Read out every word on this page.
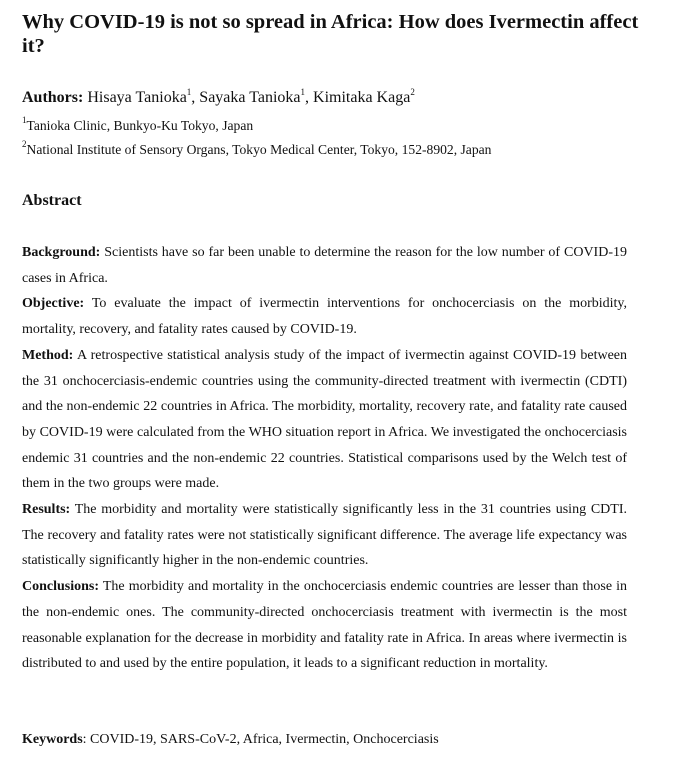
Why COVID-19 is not so spread in Africa: How does Ivermectin affect it?
Authors: Hisaya Tanioka$^1$, Sayaka Tanioka$^1$, Kimitaka Kaga$^2$
$^1$Tanioka Clinic, Bunkyo-Ku Tokyo, Japan
$^2$National Institute of Sensory Organs, Tokyo Medical Center, Tokyo, 152-8902, Japan
Abstract

Background: Scientists have so far been unable to determine the reason for the low number of COVID-19 cases in Africa.

Objective: To evaluate the impact of ivermectin interventions for onchocerciasis on the morbidity, mortality, recovery, and fatality rates caused by COVID-19.

Method: A retrospective statistical analysis study of the impact of ivermectin against COVID-19 between the 31 onchocerciasis-endemic countries using the community-directed treatment with ivermectin (CDTI) and the non-endemic 22 countries in Africa. The morbidity, mortality, recovery rate, and fatality rate caused by COVID-19 were calculated from the WHO situation report in Africa. We investigated the onchocerciasis endemic 31 countries and the non-endemic 22 countries. Statistical comparisons used by the Welch test of them in the two groups were made.

Results: The morbidity and mortality were statistically significantly less in the 31 countries using CDTI. The recovery and fatality rates were not statistically significant difference. The average life expectancy was statistically significantly higher in the non-endemic countries.

Conclusions: The morbidity and mortality in the onchocerciasis endemic countries are lesser than those in the non-endemic ones. The community-directed onchocerciasis treatment with ivermectin is the most reasonable explanation for the decrease in morbidity and fatality rate in Africa. In areas where ivermectin is distributed to and used by the entire population, it leads to a significant reduction in mortality.

Keywords: COVID-19, SARS-CoV-2, Africa, Ivermectin, Onchocerciasis
